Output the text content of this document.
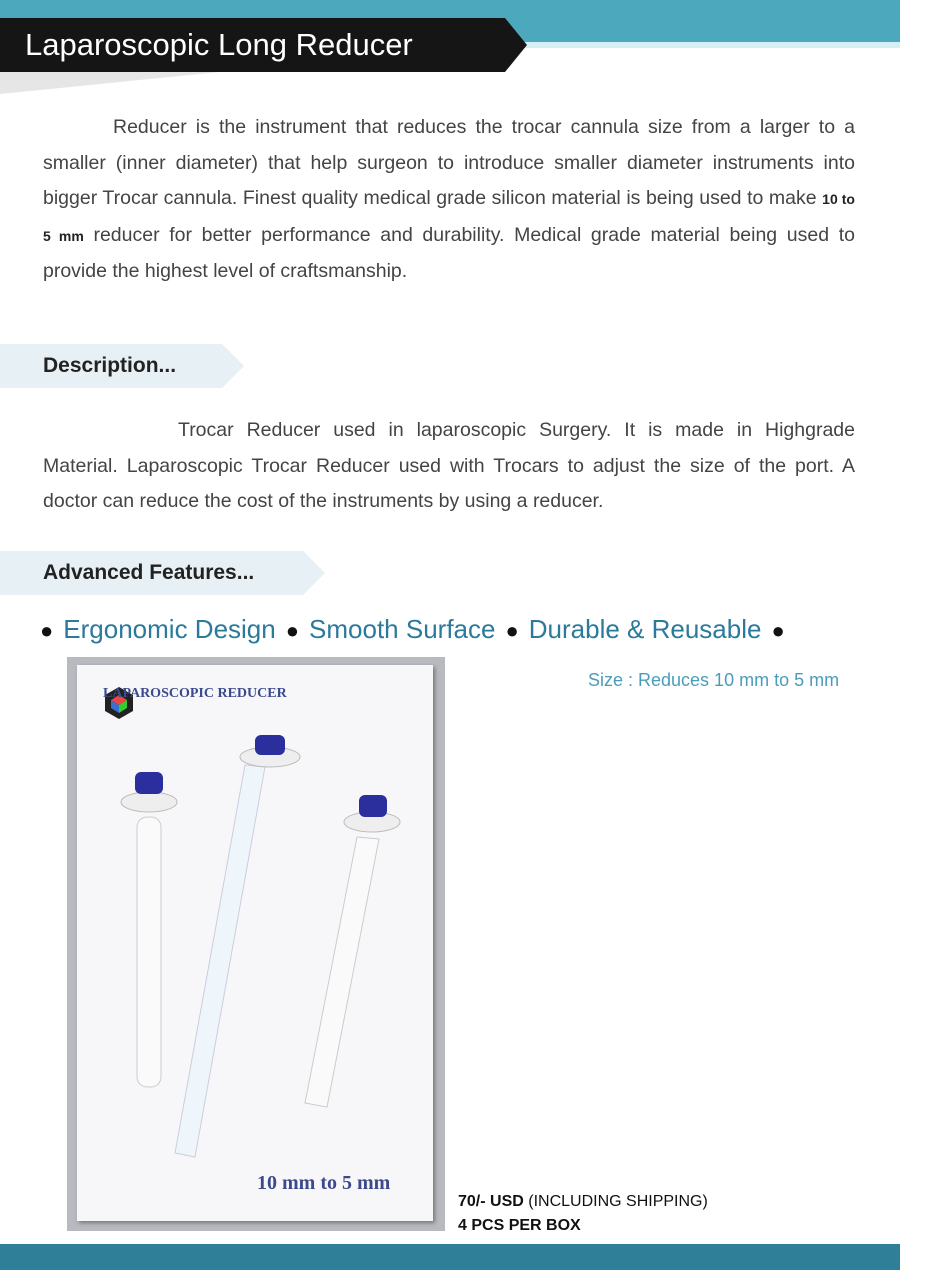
Laparoscopic Long Reducer
Reducer is the instrument that reduces the trocar cannula size from a larger to a smaller (inner diameter) that help surgeon to introduce smaller diameter instruments into bigger Trocar cannula. Finest quality medical grade silicon material is being used to make 10 to 5 mm reducer for better performance and durability. Medical grade material being used to provide the highest level of craftsmanship.
Description...
Trocar Reducer used in laparoscopic Surgery. It is made in Highgrade Material. Laparoscopic Trocar Reducer used with Trocars to adjust the size of the port. A doctor can reduce the cost of the instruments by using a reducer.
Advanced Features...
● Ergonomic Design ● Smooth Surface ● Durable & Reusable ●
Size : Reduces 10 mm to 5 mm
LAPAROSCOPIC REDUCER
10 mm to 5 mm
70/- USD (INCLUDING SHIPPING)
4 PCS PER BOX
